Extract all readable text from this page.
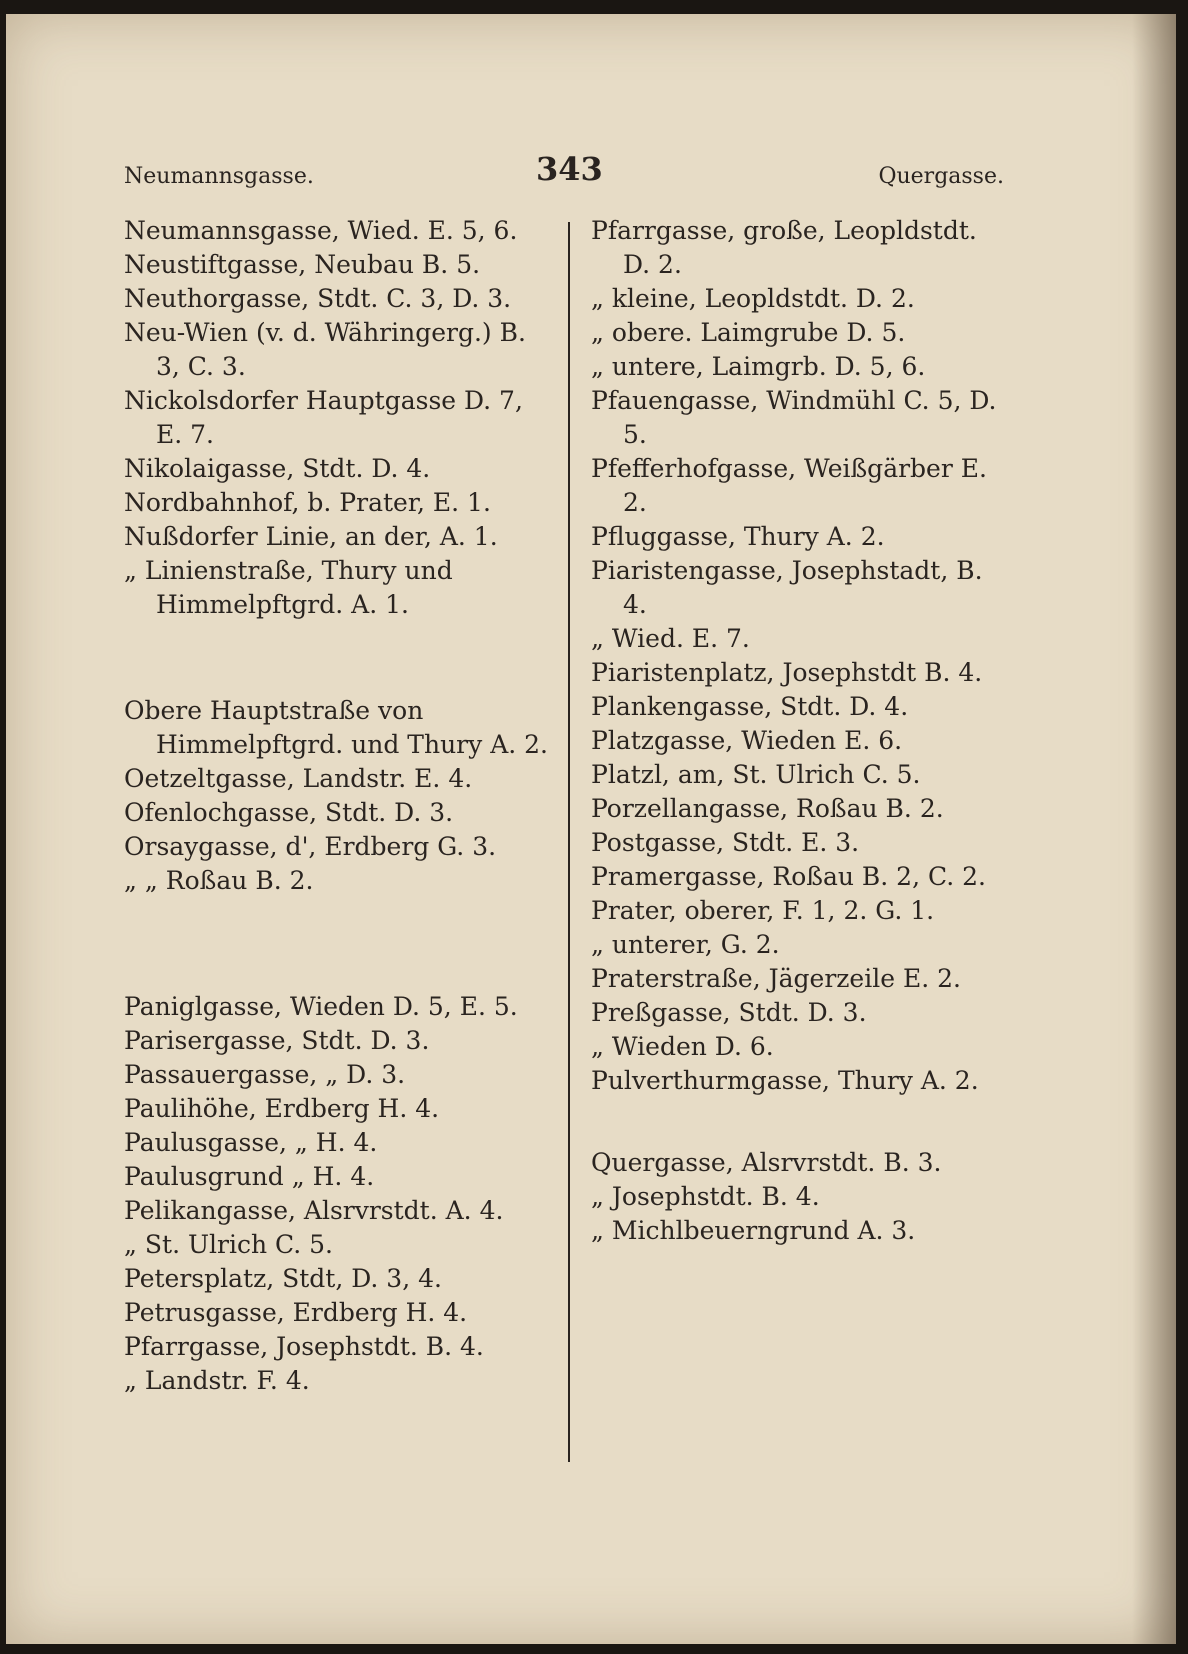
Neumannsgasse.	343	Quergasse.
Neumannsgasse, Wied. E. 5, 6.
Neustiftgasse, Neubau B. 5.
Neuthorgasse, Stdt. C. 3, D. 3.
Neu-Wien (v. d. Währingerg.) B. 3, C. 3.
Nickolsdorfer Hauptgasse D. 7, E. 7.
Nikolaigasse, Stdt. D. 4.
Nordbahnhof, b. Prater, E. 1.
Nußdorfer Linie, an der, A. 1.
„ Linienstraße, Thury und Himmelpftgrd. A. 1.
Obere Hauptstraße von Himmelpftgrd. und Thury A. 2.
Oetzeltgasse, Landstr. E. 4.
Ofenlochgasse, Stdt. D. 3.
Orsaygasse, d', Erdberg G. 3.
„ „ Roßau B. 2.
Paniglgasse, Wieden D. 5, E. 5.
Parisergasse, Stdt. D. 3.
Passauergasse, „ D. 3.
Paulihöhe, Erdberg H. 4.
Paulusgasse, „ H. 4.
Paulusgrund „ H. 4.
Pelikangasse, Alsrvrstdt. A. 4.
„ St. Ulrich C. 5.
Petersplatz, Stdt, D. 3, 4.
Petrusgasse, Erdberg H. 4.
Pfarrgasse, Josephstdt. B. 4.
„ Landstr. F. 4.
Pfarrgasse, große, Leopldstdt. D. 2.
„ kleine, Leopldstdt. D. 2.
„ obere. Laimgrube D. 5.
„ untere, Laimgrb. D. 5, 6.
Pfauengasse, Windmühl C. 5, D. 5.
Pfefferhofgasse, Weißgärber E. 2.
Pfluggasse, Thury A. 2.
Piaristengasse, Josephstadt, B. 4.
„ Wied. E. 7.
Piaristenplatz, Josephstdt B. 4.
Plankengasse, Stdt. D. 4.
Platzgasse, Wieden E. 6.
Platzl, am, St. Ulrich C. 5.
Porzellangasse, Roßau B. 2.
Postgasse, Stdt. E. 3.
Pramergasse, Roßau B. 2, C. 2.
Prater, oberer, F. 1, 2. G. 1.
„ unterer, G. 2.
Praterstraße, Jägerzeile E. 2.
Preßgasse, Stdt. D. 3.
„ Wieden D. 6.
Pulverthurmgasse, Thury A. 2.
Quergasse, Alsrvrstdt. B. 3.
„ Josephstdt. B. 4.
„ Michlbeuerngrund A. 3.
